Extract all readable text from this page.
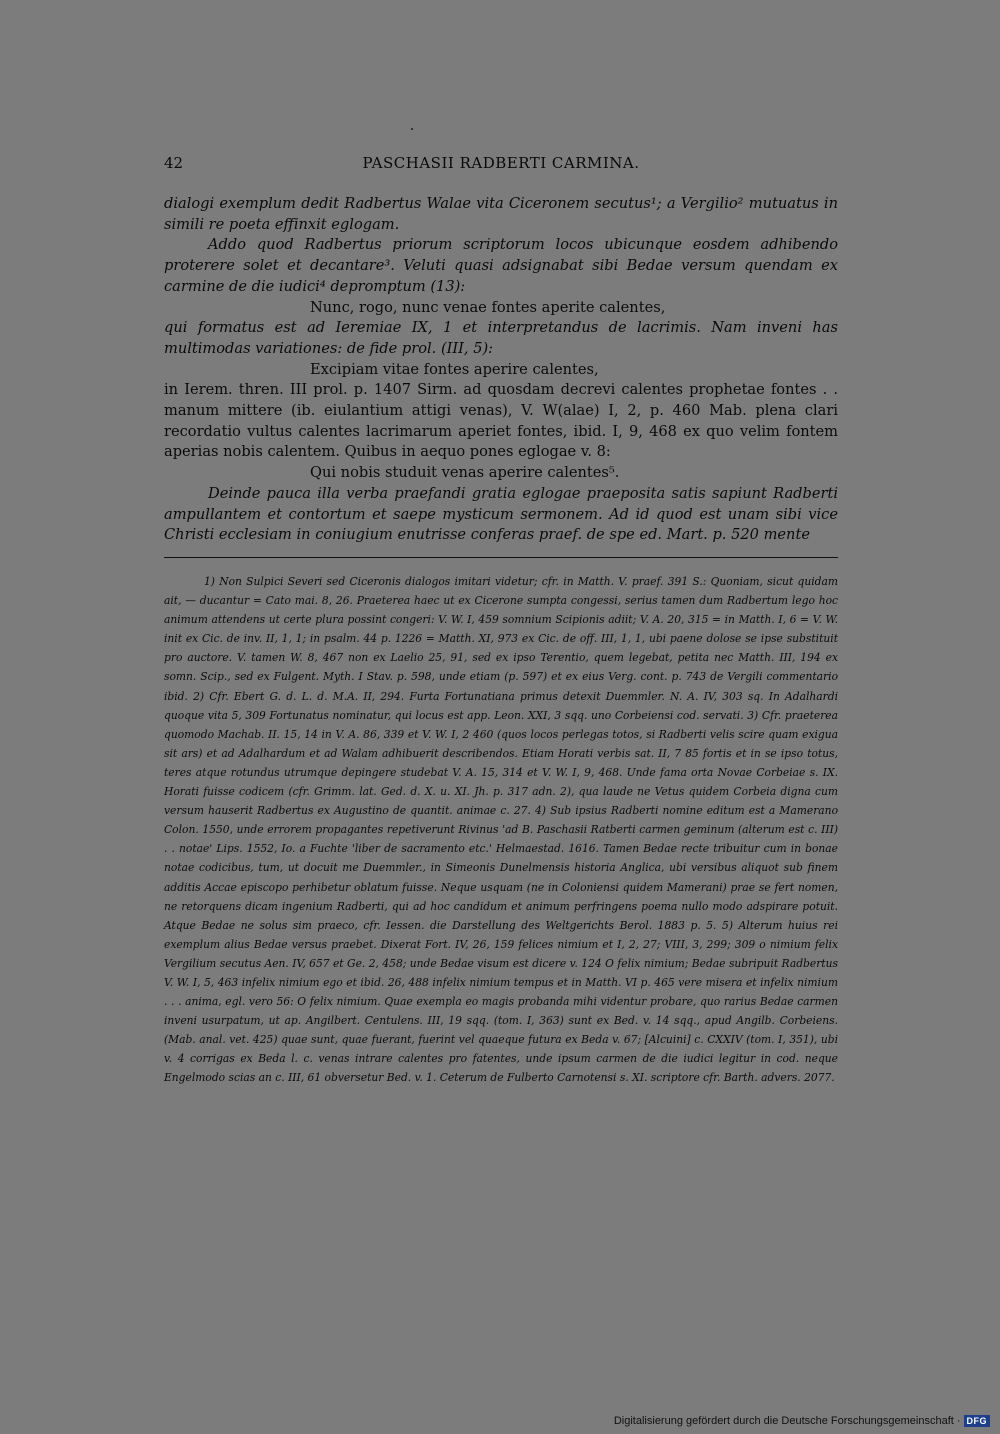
42	PASCHASII RADBERTI CARMINA.

dialogi exemplum dedit Radbertus Walae vita Ciceronem secutus¹; a Vergilio² mutuatus in simili re poeta effinxit eglogam.

Addo quod Radbertus priorum scriptorum locos ubicunque eosdem adhibendo proterere solet et decantare³. Veluti quasi adsignabat sibi Bedae versum quendam ex carmine de die iudici⁴ depromptum (13):

Nunc, rogo, nunc venae fontes aperite calentes,

qui formatus est ad Ieremiae IX, 1 et interpretandus de lacrimis. Nam inveni has multimodas variationes: de fide prol. (III, 5):

Excipiam vitae fontes aperire calentes,

in Ierem. thren. III prol. p. 1407 Sirm. ad quosdam decrevi calentes prophetae fontes . . manum mittere (ib. eiulantium attigi venas), V. W(alae) I, 2, p. 460 Mab. plena clari recordatio vultus calentes lacrimarum aperiet fontes, ibid. I, 9, 468 ex quo velim fontem aperias nobis calentem. Quibus in aequo pones eglogae v. 8:

Qui nobis studuit venas aperire calentes⁵.

Deinde pauca illa verba praefandi gratia eglogae praeposita satis sapiunt Radberti ampullantem et contortum et saepe mysticum sermonem. Ad id quod est unam sibi vice Christi ecclesiam in coniugium enutrisse conferas praef. de spe ed. Mart. p. 520 mente

1) Non Sulpici Severi sed Ciceronis dialogos imitari videtur; cfr. in Matth. V. praef. 391 S.: Quoniam, sicut quidam ait, — ducantur = Cato mai. 8, 26. Praeterea haec ut ex Cicerone sumpta congessi, serius tamen dum Radbertum lego hoc animum attendens ut certe plura possint congeri: V. W. I, 459 somnium Scipionis adiit; V. A. 20, 315 = in Matth. I, 6 = V. W. init ex Cic. de inv. II, 1, 1; in psalm. 44 p. 1226 = Matth. XI, 973 ex Cic. de off. III, 1, 1, ubi paene dolose se ipse substituit pro auctore. V. tamen W. 8, 467 non ex Laelio 25, 91, sed ex ipso Terentio, quem legebat, petita nec Matth. III, 194 ex somn. Scip., sed ex Fulgent. Myth. I Stav. p. 598, unde etiam (p. 597) et ex eius Verg. cont. p. 743 de Vergili commentario ibid. 2) Cfr. Ebert G. d. L. d. M.A. II, 294. Furta Fortunatiana primus detexit Duemmler. N. A. IV, 303 sq. In Adalhardi quoque vita 5, 309 Fortunatus nominatur, qui locus est app. Leon. XXI, 3 sqq. uno Corbeiensi cod. servati. 3) Cfr. praeterea quomodo Machab. II. 15, 14 in V. A. 86, 339 et V. W. I, 2 460 (quos locos perlegas totos, si Radberti velis scire quam exigua sit ars) et ad Adalhardum et ad Walam adhibuerit describendos. Etiam Horati verbis sat. II, 7 85 fortis et in se ipso totus, teres atque rotundus utrumque depingere studebat V. A. 15, 314 et V. W. I, 9, 468. Unde fama orta Novae Corbeiae s. IX. Horati fuisse codicem (cfr. Grimm. lat. Ged. d. X. u. XI. Jh. p. 317 adn. 2), qua laude ne Vetus quidem Corbeia digna cum versum hauserit Radbertus ex Augustino de quantit. animae c. 27. 4) Sub ipsius Radberti nomine editum est a Mamerano Colon. 1550, unde errorem propagantes repetiverunt Rivinus 'ad B. Paschasii Ratberti carmen geminum (alterum est c. III) . . notae' Lips. 1552, Io. a Fuchte 'liber de sacramento etc.' Helmaestad. 1616. Tamen Bedae recte tribuitur cum in bonae notae codicibus, tum, ut docuit me Duemmler., in Simeonis Dunelmensis historia Anglica, ubi versibus aliquot sub finem additis Accae episcopo perhibetur oblatum fuisse. Neque usquam (ne in Coloniensi quidem Mamerani) prae se fert nomen, ne retorquens dicam ingenium Radberti, qui ad hoc candidum et animum perfringens poema nullo modo adspirare potuit. Atque Bedae ne solus sim praeco, cfr. Iessen. die Darstellung des Weltgerichts Berol. 1883 p. 5. 5) Alterum huius rei exemplum alius Bedae versus praebet. Dixerat Fort. IV, 26, 159 felices nimium et I, 2, 27; VIII, 3, 299; 309 o nimium felix Vergilium secutus Aen. IV, 657 et Ge. 2, 458; unde Bedae visum est dicere v. 124 O felix nimium; Bedae subripuit Radbertus V. W. I, 5, 463 infelix nimium ego et ibid. 26, 488 infelix nimium tempus et in Matth. VI p. 465 vere misera et infelix nimium . . . anima, egl. vero 56: O felix nimium. Quae exempla eo magis probanda mihi videntur probare, quo rarius Bedae carmen inveni usurpatum, ut ap. Angilbert. Centulens. III, 19 sqq. (tom. I, 363) sunt ex Bed. v. 14 sqq., apud Angilb. Corbeiens. (Mab. anal. vet. 425) quae sunt, quae fuerant, fuerint vel quaeque futura ex Beda v. 67; [Alcuini] c. CXXIV (tom. I, 351), ubi v. 4 corrigas ex Beda l. c. venas intrare calentes pro fatentes, unde ipsum carmen de die iudici legitur in cod. neque Engelmodo scias an c. III, 61 obversetur Bed. v. 1. Ceterum de Fulberto Carnotensi s. XI. scriptore cfr. Barth. advers. 2077.

Digitalisierung gefördert durch die Deutsche Forschungsgemeinschaft · DFG
